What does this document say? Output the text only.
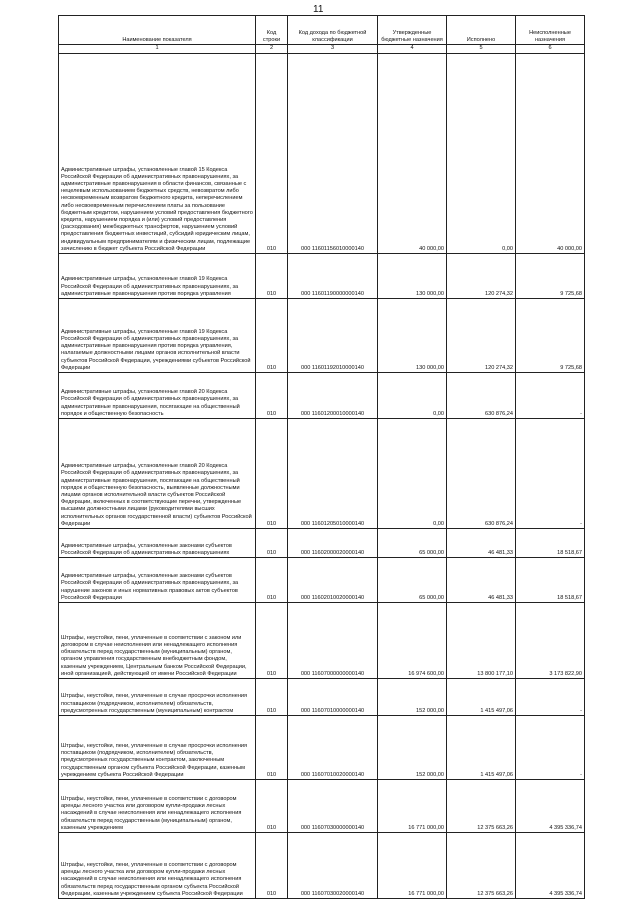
11
Наименование показателя	Код строки	Код дохода по бюджетной классификации	Утвержденные бюджетные назначения	Исполнено	Неисполненные назначения
1	2	3	4	5	6
Административные штрафы, установленные главой 15 Кодекса Российской Федерации об административных правонарушениях, за административные правонарушения в области финансов, связанные с нецелевым использованием бюджетных средств, невозвратом либо несвоевременным возвратом бюджетного кредита, неперечислением либо несвоевременным перечислением платы за пользование бюджетным кредитом, нарушением условий предоставления бюджетного кредита, нарушением порядка и (или) условий предоставления (расходования) межбюджетных трансфертов, нарушением условий предоставления бюджетных инвестиций, субсидий юридическим лицам, индивидуальным предпринимателям и физическим лицам, подлежащие зачислению в бюджет субъекта Российской Федерации	010	000 11601156010000140	40 000,00	0,00	40 000,00
Административные штрафы, установленные главой 19 Кодекса Российской Федерации об административных правонарушениях, за административные правонарушения против порядка управления	010	000 11601190000000140	130 000,00	120 274,32	9 725,68
Административные штрафы, установленные главой 19 Кодекса Российской Федерации об административных правонарушениях, за административные правонарушения против порядка управления, налагаемые должностными лицами органов исполнительной власти субъектов Российской Федерации, учреждениями субъектов Российской Федерации	010	000 11601192010000140	130 000,00	120 274,32	9 725,68
Административные штрафы, установленные главой 20 Кодекса Российской Федерации об административных правонарушениях, за административные правонарушения, посягающие на общественный порядок и общественную безопасность	010	000 11601200010000140	0,00	630 876,24	-
Административные штрафы, установленные главой 20 Кодекса Российской Федерации об административных правонарушениях, за административные правонарушения, посягающие на общественный порядок и общественную безопасность, выявленные должностными лицами органов исполнительной власти субъектов Российской Федерации, включенных в соответствующие перечни, утвержденные высшими должностными лицами (руководителями высших исполнительных органов государственной власти) субъектов Российской Федерации	010	000 11601205010000140	0,00	630 876,24	-
Административные штрафы, установленные законами субъектов Российской Федерации об административных правонарушениях	010	000 11602000020000140	65 000,00	46 481,33	18 518,67
Административные штрафы, установленные законами субъектов Российской Федерации об административных правонарушениях, за нарушение законов и иных нормативных правовых актов субъектов Российской Федерации	010	000 11602010020000140	65 000,00	46 481,33	18 518,67
Штрафы, неустойки, пени, уплаченные в соответствии с законом или договором в случае неисполнения или ненадлежащего исполнения обязательств перед государственным (муниципальным) органом, органом управления государственным внебюджетным фондом, казенным учреждением, Центральным банком Российской Федерации, иной организацией, действующей от имени Российской Федерации	010	000 11607000000000140	16 974 600,00	13 800 177,10	3 173 822,90
Штрафы, неустойки, пени, уплаченные в случае просрочки исполнения поставщиком (подрядчиком, исполнителем) обязательств, предусмотренных государственным (муниципальным) контрактом	010	000 11607010000000140	152 000,00	1 415 497,06	-
Штрафы, неустойки, пени, уплаченные в случае просрочки исполнения поставщиком (подрядчиком, исполнителем) обязательств, предусмотренных государственным контрактом, заключенным государственным органом субъекта Российской Федерации, казенным учреждением субъекта Российской Федерации	010	000 11607010020000140	152 000,00	1 415 497,06	-
Штрафы, неустойки, пени, уплаченные в соответствии с договором аренды лесного участка или договором купли-продажи лесных насаждений в случае неисполнения или ненадлежащего исполнения обязательств перед государственным (муниципальным) органом, казенным учреждением	010	000 11607030000000140	16 771 000,00	12 375 663,26	4 395 336,74
Штрафы, неустойки, пени, уплаченные в соответствии с договором аренды лесного участка или договором купли-продажи лесных насаждений в случае неисполнения или ненадлежащего исполнения обязательств перед государственным органом субъекта Российской Федерации, казенным учреждением субъекта Российской Федерации	010	000 11607030020000140	16 771 000,00	12 375 663,26	4 395 336,74
